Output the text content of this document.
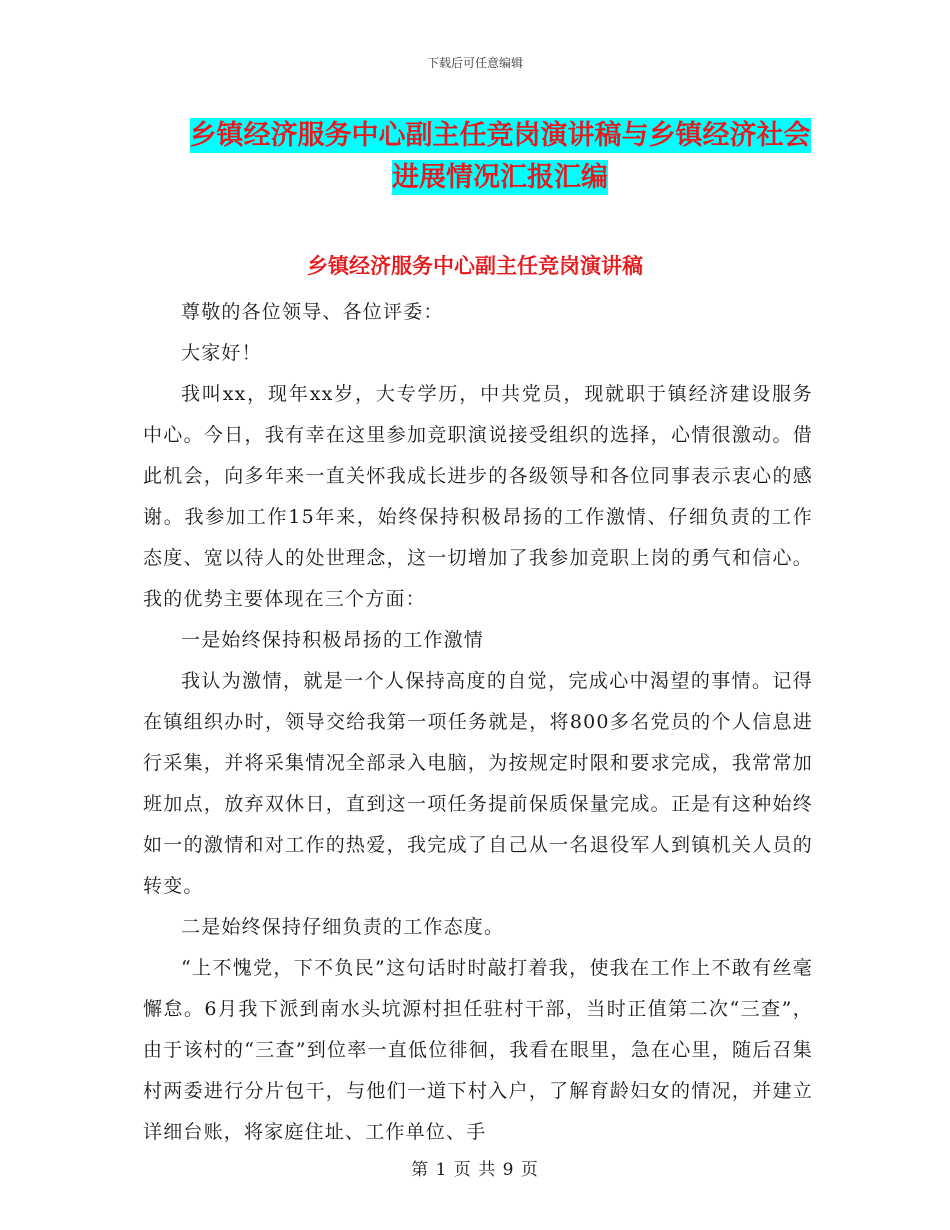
下载后可任意编辑
乡镇经济服务中心副主任竞岗演讲稿与乡镇经济社会
进展情况汇报汇编
乡镇经济服务中心副主任竞岗演讲稿

尊敬的各位领导、各位评委：

大家好！

我叫xx，现年xx岁，大专学历，中共党员，现就职于镇经济建设服务中心。今日，我有幸在这里参加竞职演说接受组织的选择，心情很激动。借此机会，向多年来一直关怀我成长进步的各级领导和各位同事表示衷心的感谢。我参加工作15年来，始终保持积极昂扬的工作激情、仔细负责的工作态度、宽以待人的处世理念，这一切增加了我参加竞职上岗的勇气和信心。我的优势主要体现在三个方面：

一是始终保持积极昂扬的工作激情

我认为激情，就是一个人保持高度的自觉，完成心中渴望的事情。记得在镇组织办时，领导交给我第一项任务就是，将800多名党员的个人信息进行采集，并将采集情况全部录入电脑，为按规定时限和要求完成，我常常加班加点，放弃双休日，直到这一项任务提前保质保量完成。正是有这种始终如一的激情和对工作的热爱，我完成了自己从一名退役军人到镇机关人员的转变。

二是始终保持仔细负责的工作态度。

“上不愧党，下不负民”这句话时时敲打着我，使我在工作上不敢有丝毫懈怠。6月我下派到南水头坑源村担任驻村干部，当时正值第二次“三查”，由于该村的“三查”到位率一直低位徘徊，我看在眼里，急在心里，随后召集村两委进行分片包干，与他们一道下村入户，了解育龄妇女的情况，并建立详细台账，将家庭住址、工作单位、手

第 1 页 共 9 页
